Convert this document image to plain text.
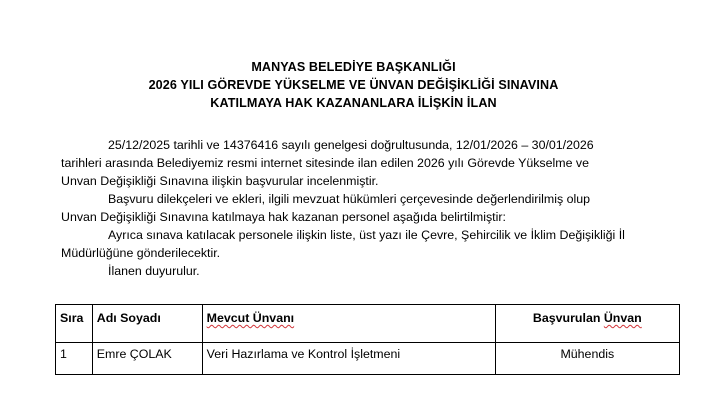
MANYAS BELEDİYE BAŞKANLIĞI
2026 YILI GÖREVDE YÜKSELME VE ÜNVAN DEĞİŞİKLİĞİ SINAVINA
KATILMAYA HAK KAZANANLARA İLİŞKİN İLAN
25/12/2025 tarihli ve 14376416 sayılı genelgesi doğrultusunda, 12/01/2026 – 30/01/2026
tarihleri arasında Belediyemiz resmi internet sitesinde ilan edilen 2026 yılı Görevde Yükselme ve
Unvan Değişikliği Sınavına ilişkin başvurular incelenmiştir.
Başvuru dilekçeleri ve ekleri, ilgili mevzuat hükümleri çerçevesinde değerlendirilmiş olup
Unvan Değişikliği Sınavına katılmaya hak kazanan personel aşağıda belirtilmiştir:
Ayrıca sınava katılacak personele ilişkin liste, üst yazı ile Çevre, Şehircilik ve İklim Değişikliği İl
Müdürlüğüne gönderilecektir.
İlanen duyurulur.
Sıra	Adı Soyadı	Mevcut Ünvanı	Başvurulan Ünvan
1	Emre ÇOLAK	Veri Hazırlama ve Kontrol İşletmeni	Mühendis
